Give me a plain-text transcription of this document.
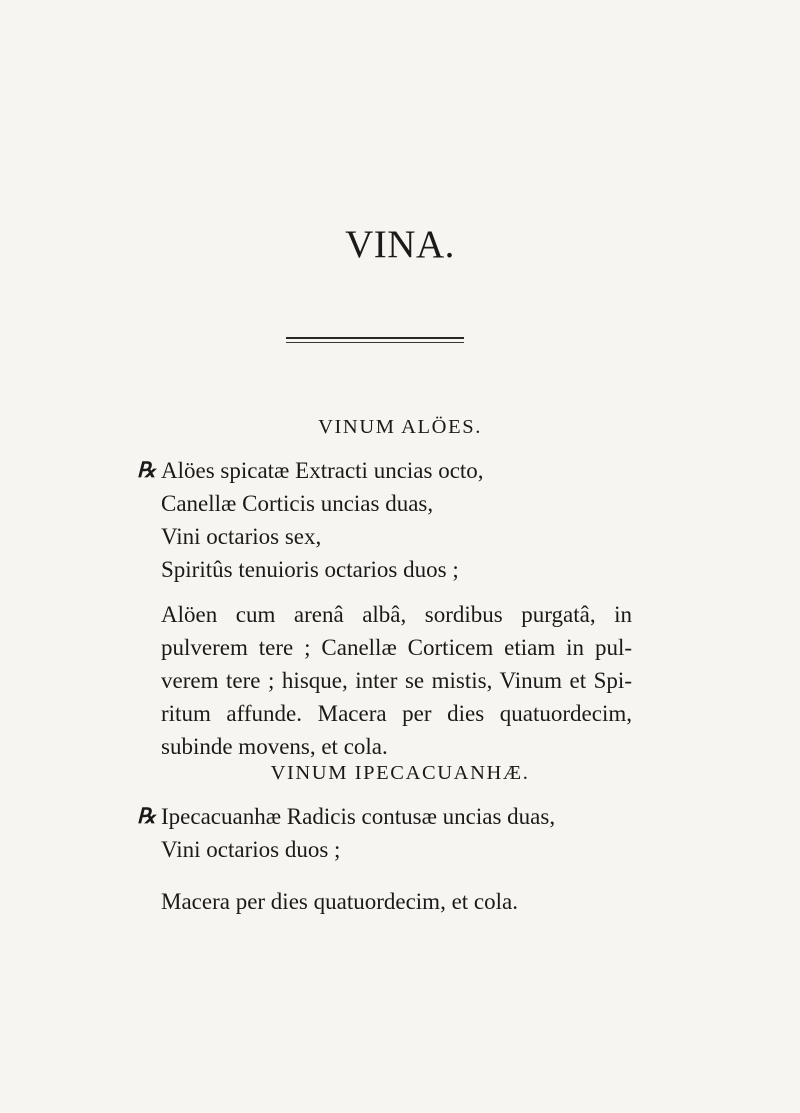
VINA.
VINUM ALÖES.
℞ Alöes spicatæ Extracti uncias octo,
Canellæ Corticis uncias duas,
Vini octarios sex,
Spiritûs tenuioris octarios duos ;
Alöen cum arenâ albâ, sordibus purgatâ, in
pulverem tere ; Canellæ Corticem etiam in pul-
verem tere ; hisque, inter se mistis, Vinum et Spi-
ritum affunde. Macera per dies quatuordecim,
subinde movens, et cola.
VINUM IPECACUANHÆ.
℞ Ipecacuanhæ Radicis contusæ uncias duas,
Vini octarios duos ;
Macera per dies quatuordecim, et cola.
